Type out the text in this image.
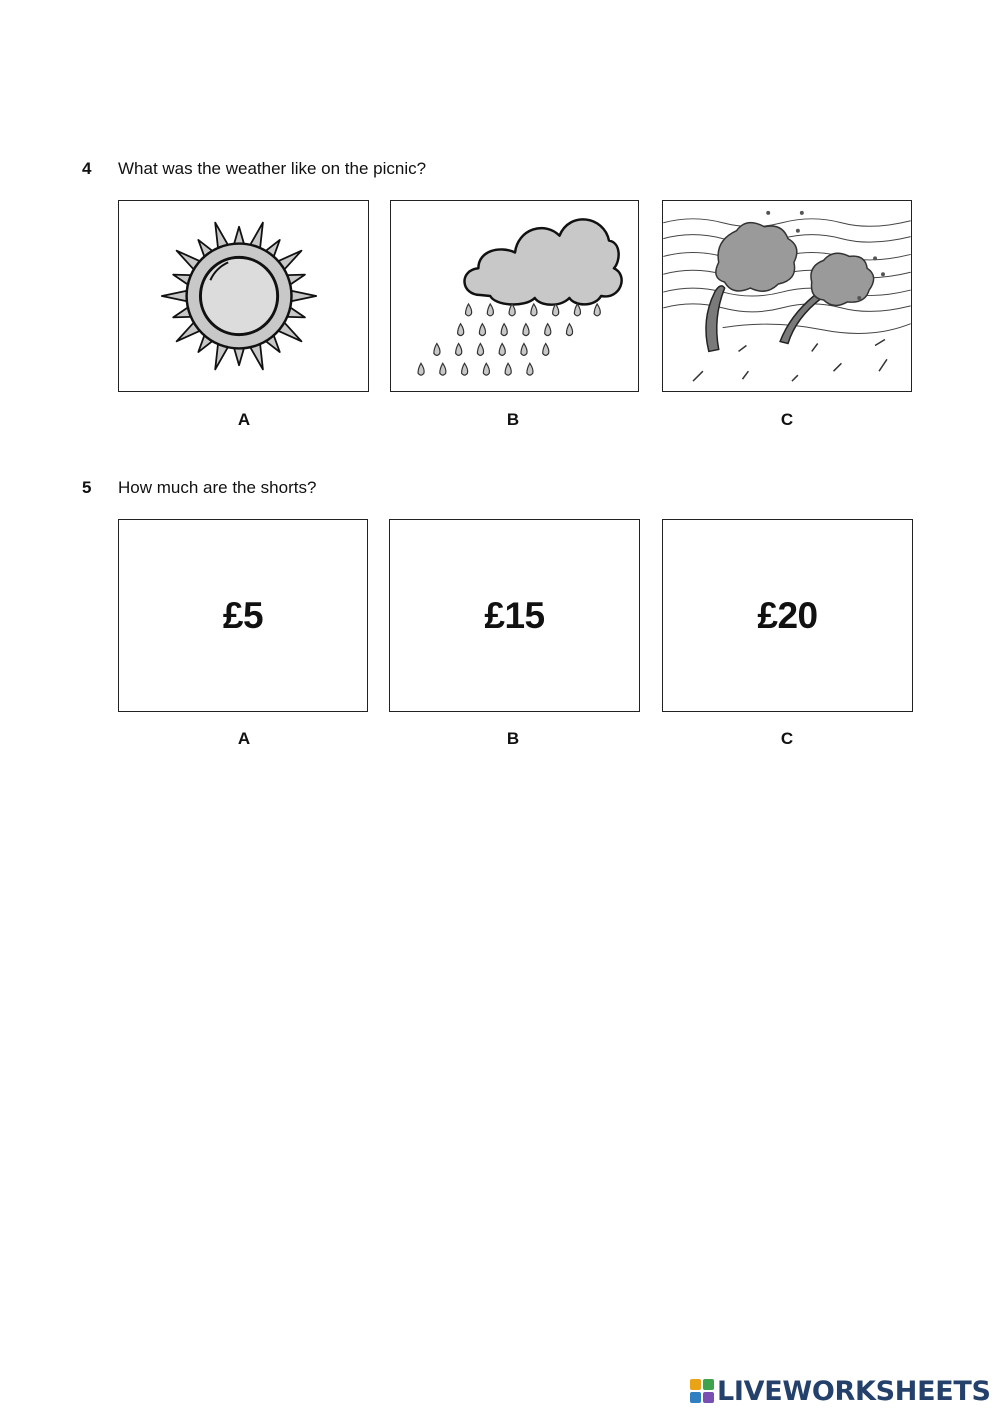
4 What was the weather like on the picnic?
A	B	C
5 How much are the shorts?
£5	£15	£20
A	B	C
LIVEWORKSHEETS
